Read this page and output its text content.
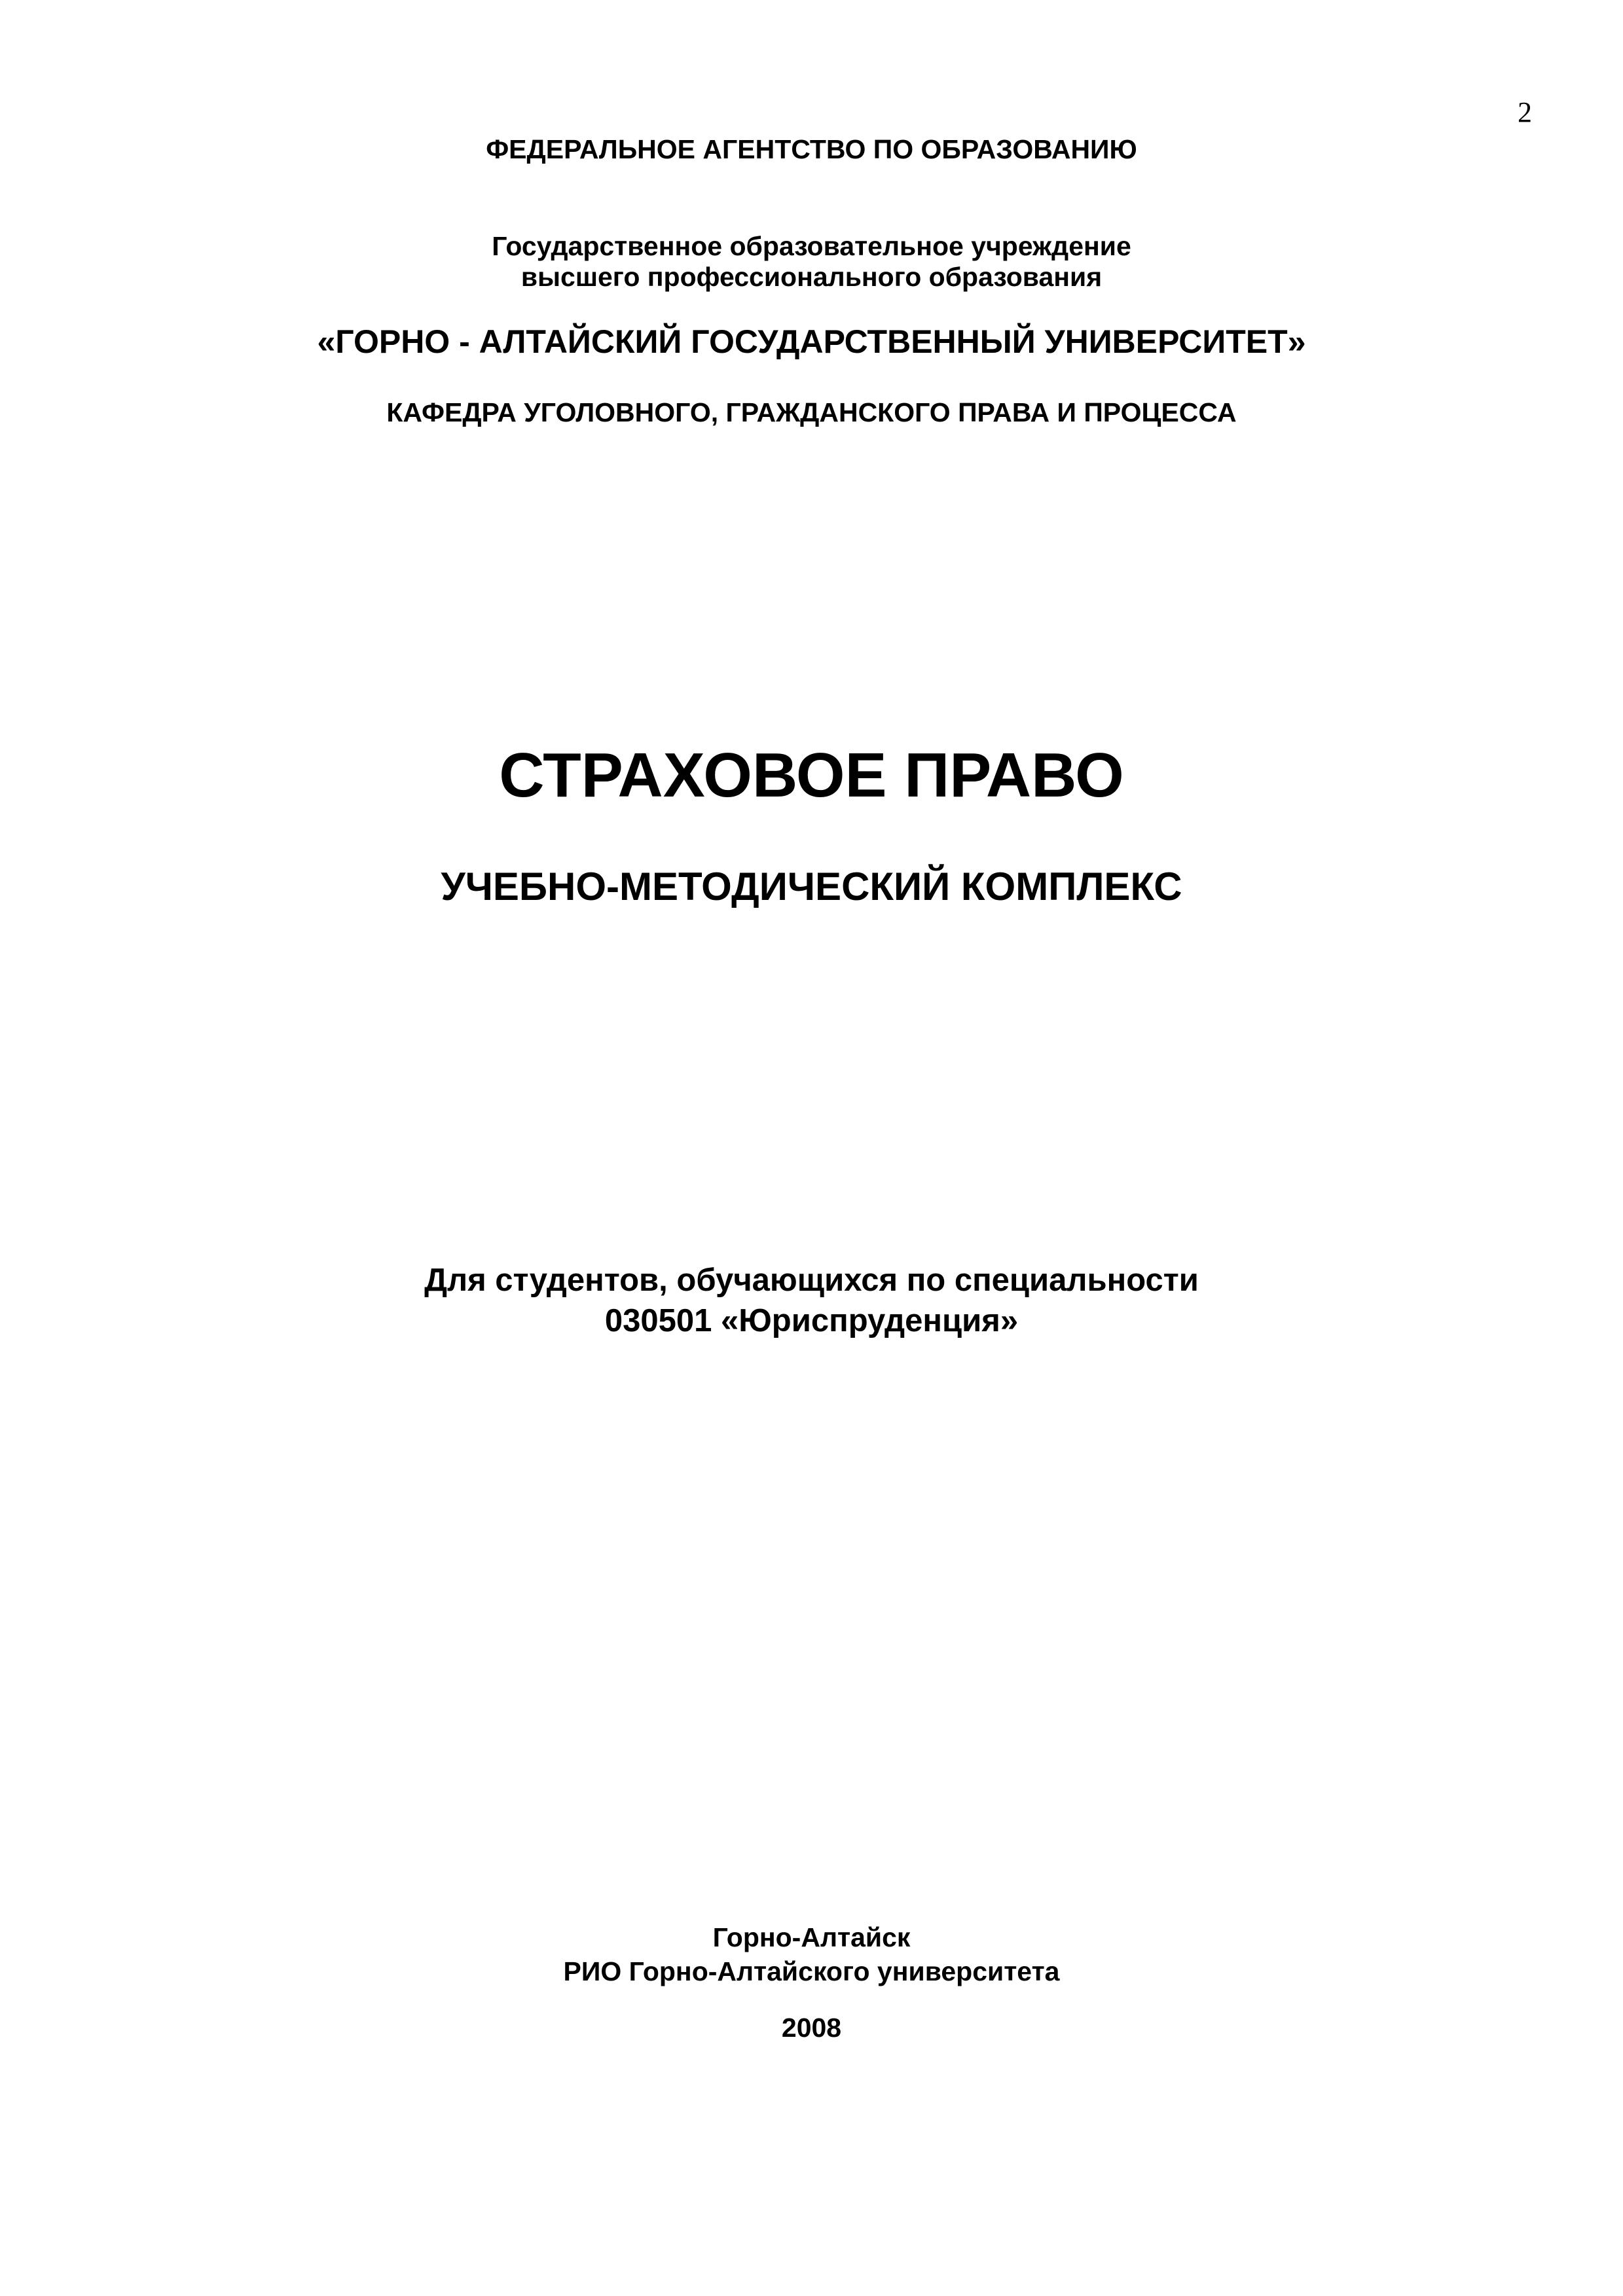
2
ФЕДЕРАЛЬНОЕ АГЕНТСТВО ПО ОБРАЗОВАНИЮ
Государственное образовательное учреждение
высшего профессионального образования
«ГОРНО - АЛТАЙСКИЙ ГОСУДАРСТВЕННЫЙ УНИВЕРСИТЕТ»
КАФЕДРА УГОЛОВНОГО, ГРАЖДАНСКОГО ПРАВА И ПРОЦЕССА
СТРАХОВОЕ ПРАВО
УЧЕБНО-МЕТОДИЧЕСКИЙ КОМПЛЕКС
Для студентов, обучающихся по специальности
030501 «Юриспруденция»
Горно-Алтайск
РИО Горно-Алтайского университета
2008
